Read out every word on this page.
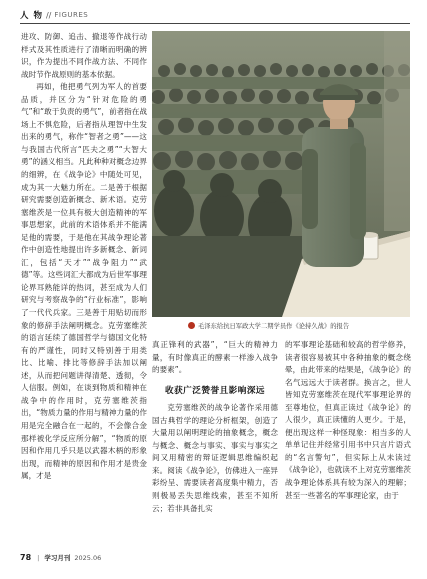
人 物 // FIGURES

进攻、防御、追击、撤退等作战行动样式及其性质进行了清晰而明确的辨识，作为提出不同作战方法、不同作战时节作战原则的基本依据。

再如，他把勇气列为军人的首要品质，并区分为“针对危险的勇气”和“敢于负责的勇气”，前者指在战场上不惧危险，后者指从理智中生发出来的勇气，称作“智者之勇”——这与我国古代所言“匹夫之勇”“大智大勇”的涵义相当。凡此种种对概念边界的细辨，在《战争论》中随处可见，成为其一大魅力所在。二是善于根据研究需要创造新概念、新术语。克劳塞维茨是一位具有极大创造精神的军事思想家，此前的术语体系并不能满足他的需要，于是他在其战争理论著作中创造性地提出许多新概念、新词汇，包括“天才”“战争阻力”“武德”等。这些词汇大都成为后世军事理论界耳熟能详的热词，甚至成为人们研究与考察战争的“行业标准”，影响了一代代兵家。三是善于用贴切而形象的修辞手法阐明概念。克劳塞维茨的语言延续了德国哲学与德国文化特有的严谨性，同时又特别善于用类比、比喻、排比等修辞手法加以阐述，从而把问题讲得清楚、透彻，令人信服。例如，在谈到物质和精神在战争中的作用时，克劳塞维茨指出，“物质力量的作用与精神力量的作用是完全融合在一起的，不会像合金那样被化学反应所分解”，“物质的原因和作用几乎只是以武器木柄的形象出现，而精神的原因和作用才是贵金属，才是

毛泽东给抗日军政大学二期学员作《论持久战》的报告

真正锋利的武器”，“巨大的精神力量，有时像真正的酵素一样渗入战争的要素”。

收获广泛赞誉且影响深远

克劳塞维茨的战争论著作采用德国古典哲学的理论分析框架，创造了大量用以阐明理论的抽象概念，概念与概念、概念与事实、事实与事实之间又用精密的辩证逻辑思维编织起来。阅读《战争论》，仿佛进入一座异彩纷呈、需要读者高度集中精力，否则极易丢失思维线索，甚至不知所云；若非具备扎实

的军事理论基础和较高的哲学修养，读者很容易被其中各种抽象的概念绕晕，由此带来的结果是，《战争论》的名气远远大于读者群。换言之，世人皆知克劳塞维茨在现代军事理论界的至尊地位，但真正读过《战争论》的人很少，真正读懂的人更少。于是，便出现这样一种怪现象：相当多的人单单记住并经常引用书中只言片语式的“名言警句”，但实际上从未读过《战争论》，也就读不上对克劳塞维茨战争理论体系具有较为深入的理解；甚至一些著名的军事理论家，由于

78 | 学习月刊 2025.06
